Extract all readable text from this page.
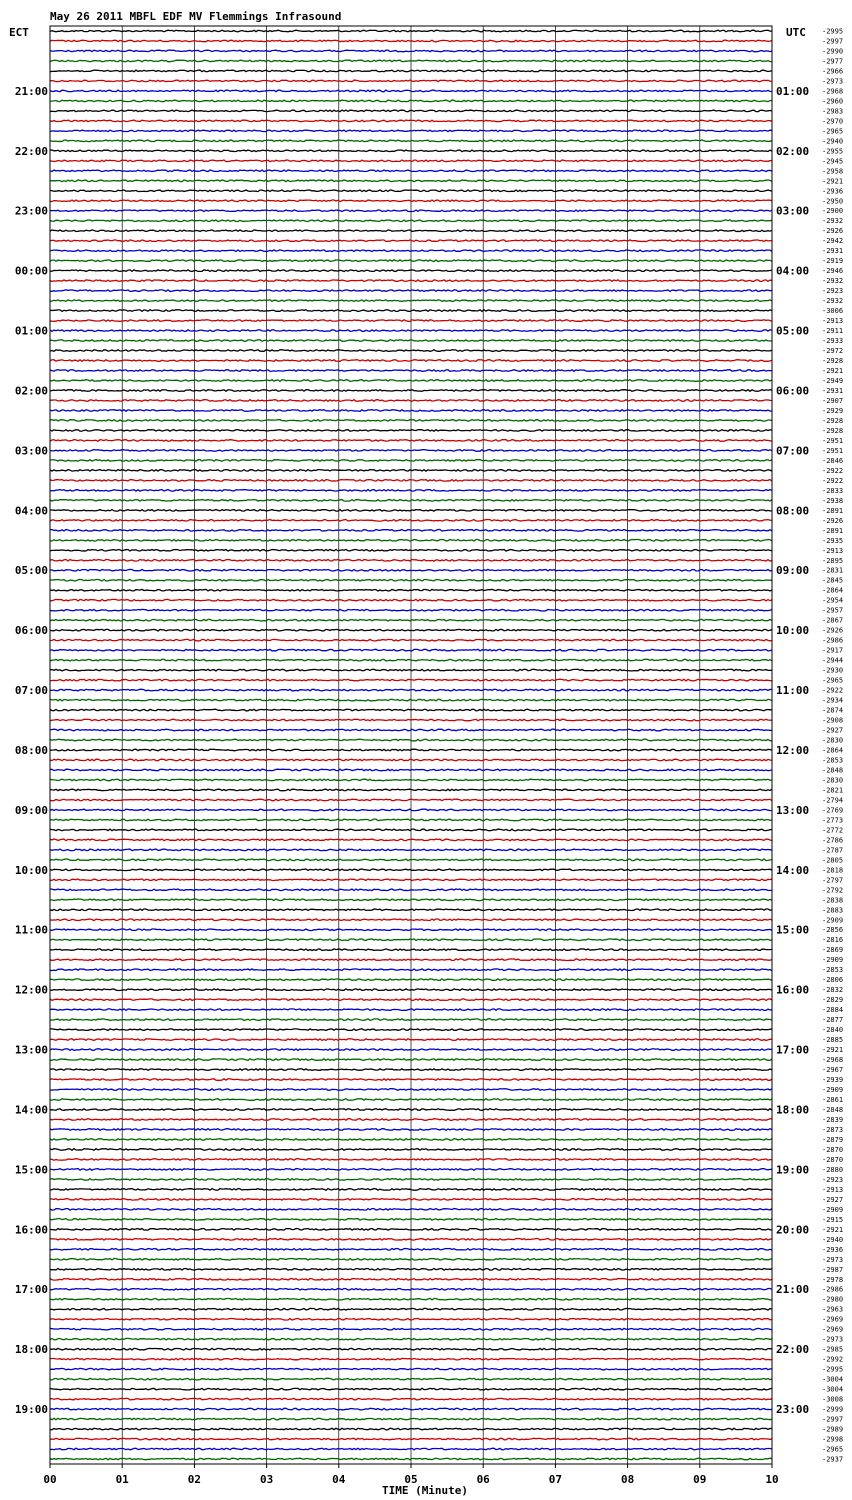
May 26 2011 MBFL EDF MV Flemmings Infrasound
ECT	UTC
21:00
22:00
23:00
00:00
01:00
02:00
03:00
04:00
05:00
06:00
07:00
08:00
09:00
10:00
11:00
12:00
13:00
14:00
15:00
16:00
17:00
18:00
19:00
01:00
02:00
03:00
04:00
05:00
06:00
07:00
08:00
09:00
10:00
11:00
12:00
13:00
14:00
15:00
16:00
17:00
18:00
19:00
20:00
21:00
22:00
23:00
-2995
-2997
-2990
-2977
-2966
-2973
-2968
-2960
-2983
-2970
-2965
-2940
-2955
-2945
-2958
-2921
-2936
-2950
-2900
-2932
-2926
-2942
-2931
-2919
-2946
-2932
-2923
-2932
-3006
-2913
-2911
-2933
-2972
-2928
-2921
-2949
-2931
-2907
-2929
-2928
-2928
-2951
-2951
-2846
-2922
-2922
-2833
-2938
-2891
-2926
-2891
-2935
-2913
-2895
-2831
-2845
-2864
-2954
-2957
-2867
-2926
-2986
-2917
-2944
-2930
-2965
-2922
-2934
-2874
-2908
-2927
-2830
-2864
-2853
-2848
-2830
-2821
-2794
-2769
-2773
-2772
-2786
-2787
-2805
-2818
-2797
-2792
-2838
-2883
-2909
-2856
-2816
-2869
-2909
-2853
-2806
-2832
-2829
-2884
-2877
-2840
-2885
-2921
-2968
-2967
-2939
-2909
-2861
-2848
-2839
-2873
-2879
-2870
-2870
-2880
-2923
-2913
-2927
-2909
-2915
-2921
-2940
-2936
-2973
-2987
-2978
-2986
-2980
-2963
-2969
-2969
-2973
-2985
-2992
-2995
-3004
-3004
-3008
-2999
-2997
-2989
-2998
-2965
-2937
00	01	02	03	04	05	06	07	08	09	10
TIME (Minute)
